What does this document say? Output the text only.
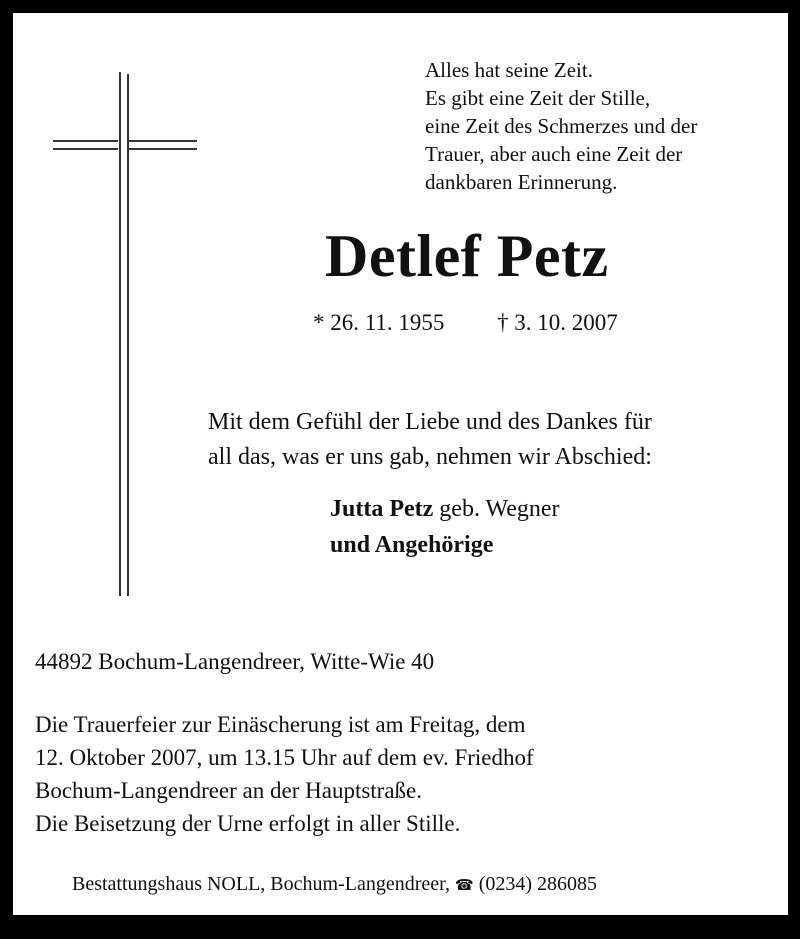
Alles hat seine Zeit.
Es gibt eine Zeit der Stille,
eine Zeit des Schmerzes und der
Trauer, aber auch eine Zeit der
dankbaren Erinnerung.
Detlef Petz
* 26. 11. 1955 † 3. 10. 2007
Mit dem Gefühl der Liebe und des Dankes für
all das, was er uns gab, nehmen wir Abschied:
Jutta Petz geb. Wegner
und Angehörige
44892 Bochum-Langendreer, Witte-Wie 40
Die Trauerfeier zur Einäscherung ist am Freitag, dem
12. Oktober 2007, um 13.15 Uhr auf dem ev. Friedhof
Bochum-Langendreer an der Hauptstraße.
Die Beisetzung der Urne erfolgt in aller Stille.
Bestattungshaus NOLL, Bochum-Langendreer, ☎ (0234) 286085
